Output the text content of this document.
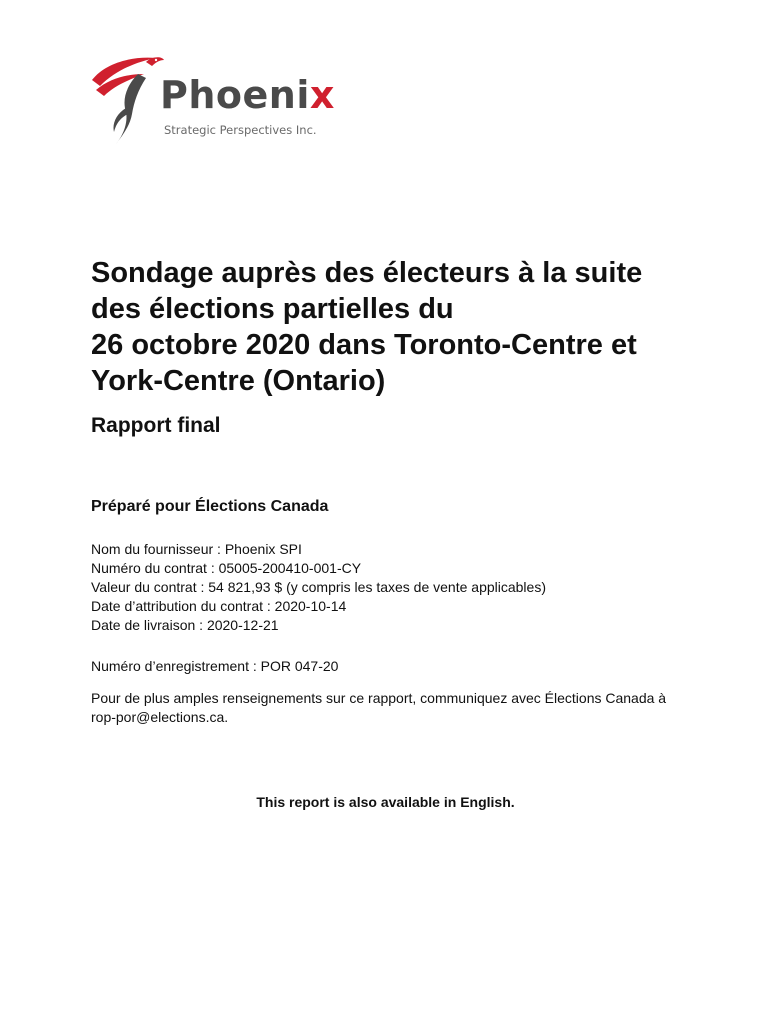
Phoenix
Strategic Perspectives Inc.
Sondage auprès des électeurs à la suite
des élections partielles du
26 octobre 2020 dans Toronto-Centre et
York-Centre (Ontario)
Rapport final
Préparé pour Élections Canada
Nom du fournisseur : Phoenix SPI
Numéro du contrat : 05005-200410-001-CY
Valeur du contrat : 54 821,93 $ (y compris les taxes de vente applicables)
Date d’attribution du contrat : 2020-10-14
Date de livraison : 2020-12-21
Numéro d’enregistrement : POR 047-20
Pour de plus amples renseignements sur ce rapport, communiquez avec Élections Canada à
rop-por@elections.ca.
This report is also available in English.
